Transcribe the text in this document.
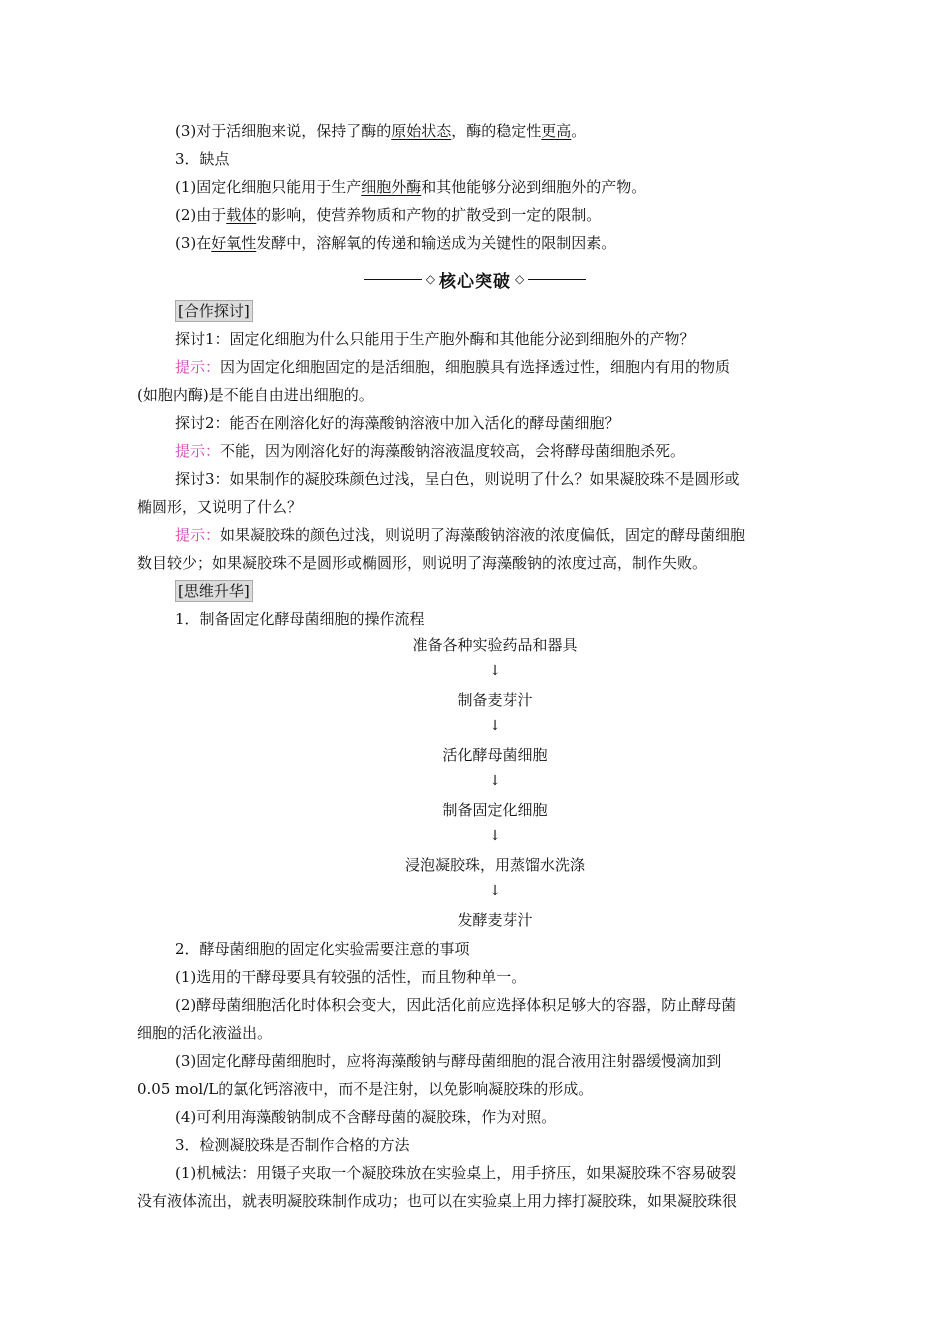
(3)对于活细胞来说，保持了酶的原始状态，酶的稳定性更高。
3．缺点
(1)固定化细胞只能用于生产细胞外酶和其他能够分泌到细胞外的产物。
(2)由于载体的影响，使营养物质和产物的扩散受到一定的限制。
(3)在好氧性发酵中，溶解氧的传递和输送成为关键性的限制因素。
◇ 核心突破 ◇
[合作探讨]
探讨1：固定化细胞为什么只能用于生产胞外酶和其他能分泌到细胞外的产物？
提示：因为固定化细胞固定的是活细胞，细胞膜具有选择透过性，细胞内有用的物质
(如胞内酶)是不能自由进出细胞的。
探讨2：能否在刚溶化好的海藻酸钠溶液中加入活化的酵母菌细胞？
提示：不能，因为刚溶化好的海藻酸钠溶液温度较高，会将酵母菌细胞杀死。
探讨3：如果制作的凝胶珠颜色过浅，呈白色，则说明了什么？如果凝胶珠不是圆形或
椭圆形，又说明了什么？
提示：如果凝胶珠的颜色过浅，则说明了海藻酸钠溶液的浓度偏低，固定的酵母菌细胞
数目较少；如果凝胶珠不是圆形或椭圆形，则说明了海藻酸钠的浓度过高，制作失败。
[思维升华]
1．制备固定化酵母菌细胞的操作流程
准备各种实验药品和器具
↓
制备麦芽汁
↓
活化酵母菌细胞
↓
制备固定化细胞
↓
浸泡凝胶珠，用蒸馏水洗涤
↓
发酵麦芽汁
2．酵母菌细胞的固定化实验需要注意的事项
(1)选用的干酵母要具有较强的活性，而且物种单一。
(2)酵母菌细胞活化时体积会变大，因此活化前应选择体积足够大的容器，防止酵母菌
细胞的活化液溢出。
(3)固定化酵母菌细胞时，应将海藻酸钠与酵母菌细胞的混合液用注射器缓慢滴加到
0.05 mol/L的氯化钙溶液中，而不是注射，以免影响凝胶珠的形成。
(4)可利用海藻酸钠制成不含酵母菌的凝胶珠，作为对照。
3．检测凝胶珠是否制作合格的方法
(1)机械法：用镊子夹取一个凝胶珠放在实验桌上，用手挤压，如果凝胶珠不容易破裂
没有液体流出，就表明凝胶珠制作成功；也可以在实验桌上用力摔打凝胶珠，如果凝胶珠很
